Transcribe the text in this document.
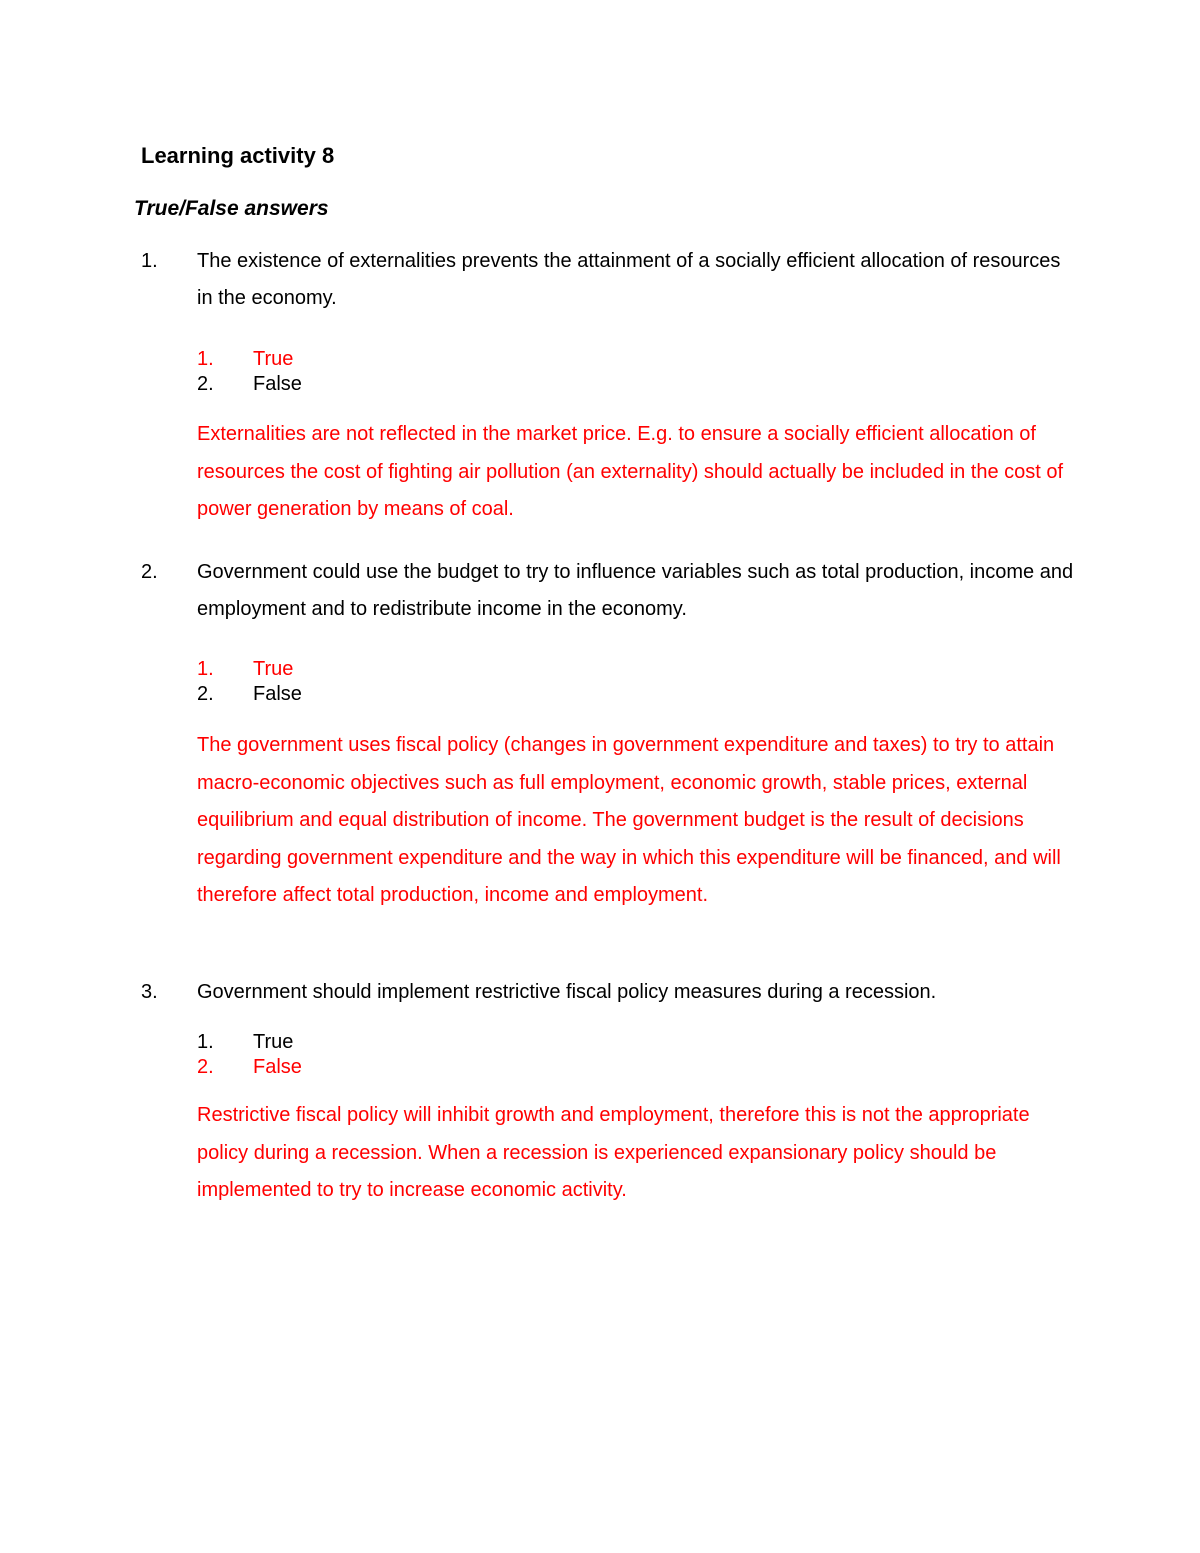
Learning activity 8
True/False answers
1. The existence of externalities prevents the attainment of a socially efficient allocation of resources in the economy.
1. True
2. False
Externalities are not reflected in the market price. E.g. to ensure a socially efficient allocation of resources the cost of fighting air pollution (an externality) should actually be included in the cost of power generation by means of coal.
2. Government could use the budget to try to influence variables such as total production, income and employment and to redistribute income in the economy.
1. True
2. False
The government uses fiscal policy (changes in government expenditure and taxes) to try to attain macro-economic objectives such as full employment, economic growth, stable prices, external equilibrium and equal distribution of income. The government budget is the result of decisions regarding government expenditure and the way in which this expenditure will be financed, and will therefore affect total production, income and employment.
3. Government should implement restrictive fiscal policy measures during a recession.
1. True
2. False
Restrictive fiscal policy will inhibit growth and employment, therefore this is not the appropriate policy during a recession. When a recession is experienced expansionary policy should be implemented to try to increase economic activity.
